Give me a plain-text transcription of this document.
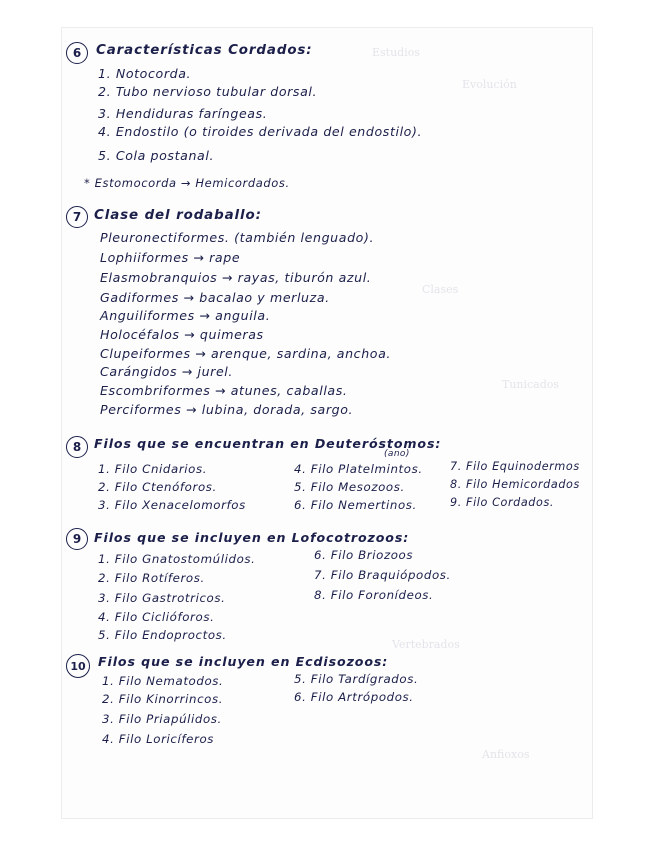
Estudios
Evolución
Clases
Tunicados
Vertebrados
Anfioxos
6	Características Cordados:
1. Notocorda.
2. Tubo nervioso tubular dorsal.
3. Hendiduras faríngeas.
4. Endostilo (o tiroides derivada del endostilo).
5. Cola postanal.
* Estomocorda → Hemicordados.
7 Clase del rodaballo:
Pleuronectiformes. (también lenguado).
Lophiiformes → rape
Elasmobranquios → rayas, tiburón azul.
Gadiformes → bacalao y merluza.
Anguiliformes → anguila.
Holocéfalos → quimeras
Clupeiformes → arenque, sardina, anchoa.
Carángidos → jurel.
Escombriformes → atunes, caballas.
Perciformes → lubina, dorada, sargo.
8	Filos que se encuentran en Deuteróstomos:
(ano)
1. Filo Cnidarios.
2. Filo Ctenóforos.
3. Filo Xenacelomorfos
4. Filo Platelmintos.
5. Filo Mesozoos.
6. Filo Nemertinos.
7. Filo Equinodermos
8. Filo Hemicordados
9. Filo Cordados.
9	Filos que se incluyen en Lofocotrozoos:
1. Filo Gnatostomúlidos.
2. Filo Rotíferos.
3. Filo Gastrotricos.
4. Filo Ciclióforos.
5. Filo Endoproctos.
6. Filo Briozoos
7. Filo Braquiópodos.
8. Filo Foronídeos.
10 Filos que se incluyen en Ecdisozoos:
1. Filo Nematodos.
2. Filo Kinorrincos.
3. Filo Priapúlidos.
4. Filo Loricíferos
5. Filo Tardígrados.
6. Filo Artrópodos.
